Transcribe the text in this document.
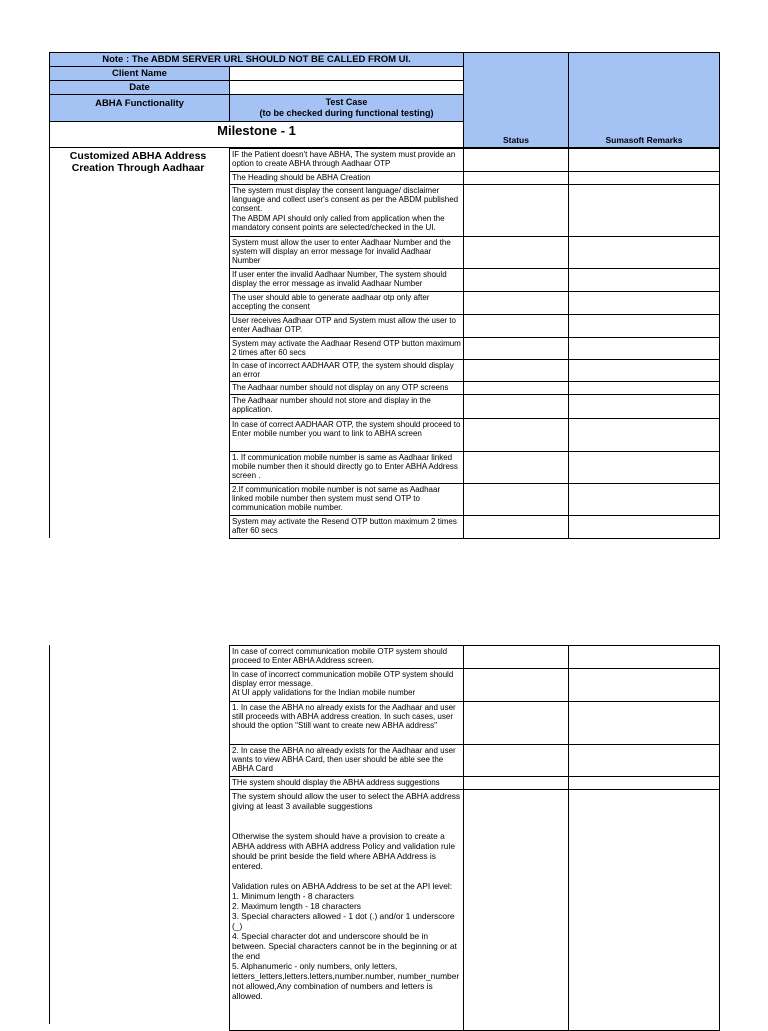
Note : The ABDM SERVER URL SHOULD NOT BE CALLED FROM UI.
Client Name
Date
ABHA Functionality	Test Case
(to be checked during functional testing)
Milestone - 1
Status	Sumasoft Remarks
Customized ABHA Address Creation Through Aadhaar
IF the Patient doesn't have ABHA, The system must provide an option to create ABHA through Aadhaar OTP
The Heading should be ABHA Creation
The system must display the consent language/ disclaimer language and collect user's consent as per the ABDM published consent.
The ABDM API should only called from application when the mandatory consent points are selected/checked in the UI.
System must allow the user to enter Aadhaar Number and the system will display an error message for invalid Aadhaar Number
If user enter the invalid Aadhaar Number, The system should display the error message as invalid Aadhaar Number
The user should able to generate aadhaar otp only after accepting the consent
User receives Aadhaar OTP and System must allow the user to enter Aadhaar OTP.
System may activate the Aadhaar Resend OTP button maximum 2 times after 60 secs
In case of incorrect AADHAAR OTP, the system should display an error
The Aadhaar number should not display on any OTP screens
The Aadhaar number should not store and display in the application.
In case of correct AADHAAR OTP, the system should proceed to Enter mobile number you want to link to ABHA screen
1. If communication mobile number is same as Aadhaar linked mobile number then it should directly go to Enter ABHA Address screen .
2.If communication mobile number is not same as Aadhaar linked mobile number then system must send OTP to communication mobile number.
System may activate the Resend OTP button maximum 2 times after 60 secs
In case of correct communication mobile OTP system should proceed to Enter ABHA Address screen.
In case of incorrect communication mobile OTP system should display error message.
At UI apply validations for the Indian mobile number
1. In case the ABHA no already exists for the Aadhaar and user still proceeds with ABHA address creation. In such cases, user should the option "Still want to create new ABHA address"
2. In case the ABHA no already exists for the Aadhaar and user wants to view ABHA Card, then user should be able see the ABHA Card
THe system should display the ABHA address suggestions
The system should allow the user to select the ABHA address giving at least 3 available suggestions

Otherwise the system should have a provision to create a ABHA address with ABHA address Policy and validation rule should be print beside the field where ABHA Address is entered.

Validation rules on ABHA Address to be set at the API level:
1. Minimum length - 8 characters
2. Maximum length - 18 characters
3. Special characters allowed - 1 dot (.) and/or 1 underscore (_)
4. Special character dot and underscore should be in between. Special characters cannot be in the beginning or at the end
5. Alphanumeric - only numbers, only letters, letters_letters,letters.letters,number.number, number_number not allowed,Any combination of numbers and letters is allowed.
